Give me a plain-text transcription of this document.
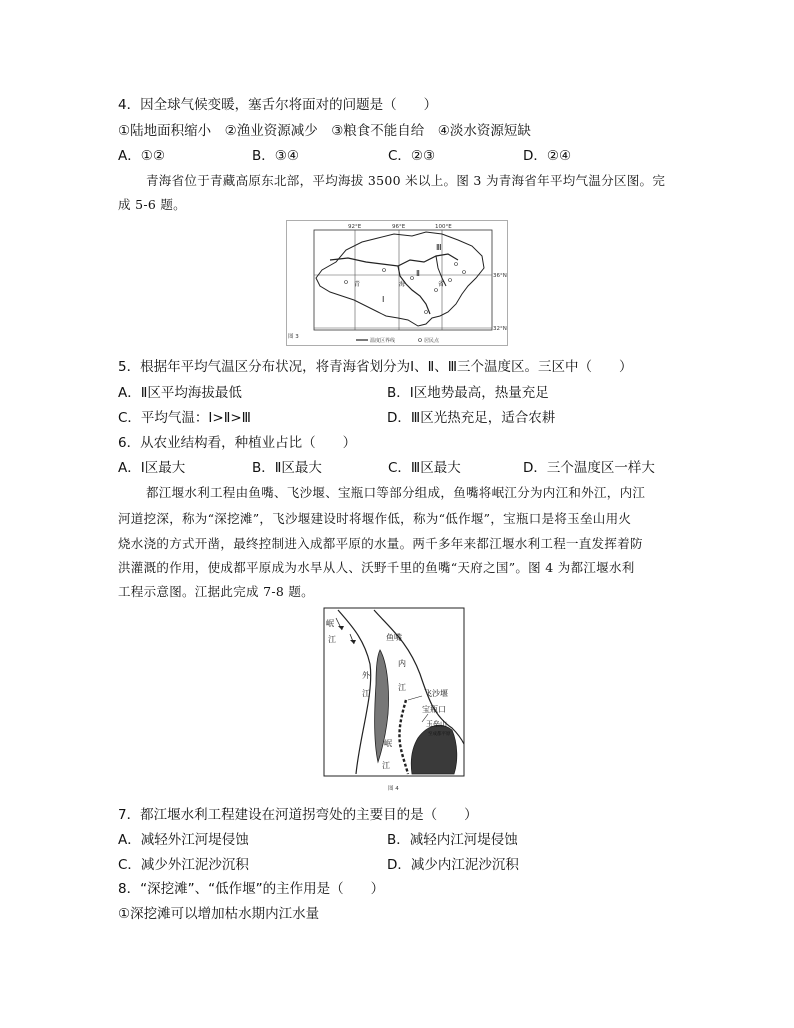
4．因全球气候变暖，塞舌尔将面对的问题是（　　）
①陆地面积缩小　②渔业资源减少　③粮食不能自给　④淡水资源短缺
A．①②	B．③④	C．②③	D．②④
青海省位于青藏高原东北部，平均海拔 3500 米以上。图 3 为青海省年平均气温分区图。完
成 5-6 题。
92°E	96°E	100°E
36°N
32°N
Ⅰ
Ⅱ
Ⅲ
青	海	省
图 3
温度区界线	居民点
5．根据年平均气温区分布状况，将青海省划分为Ⅰ、Ⅱ、Ⅲ三个温度区。三区中（　　）
A．Ⅱ区平均海拔最低	B．Ⅰ区地势最高，热量充足
C．平均气温：Ⅰ>Ⅱ>Ⅲ	D．Ⅲ区光热充足，适合农耕
6．从农业结构看，种植业占比（　　）
A．Ⅰ区最大	B．Ⅱ区最大	C．Ⅲ区最大	D．三个温度区一样大
都江堰水利工程由鱼嘴、飞沙堰、宝瓶口等部分组成，鱼嘴将岷江分为内江和外江，内江
河道挖深，称为“深挖滩”，飞沙堰建设时将堰作低，称为“低作堰”，宝瓶口是将玉垒山用火
烧水浇的方式开凿，最终控制进入成都平原的水量。两千多年来都江堰水利工程一直发挥着防
洪灌溉的作用，使成都平原成为水旱从人、沃野千里的鱼嘴“天府之国”。图 4 为都江堰水利
工程示意图。江据此完成 7-8 题。
岷
江
外
江
内
江
鱼嘴
飞沙堰
宝瓶口
玉垒山
至成都平原
岷
江
图 4
7．都江堰水利工程建设在河道拐弯处的主要目的是（　　）
A．减轻外江河堤侵蚀	B．减轻内江河堤侵蚀
C．减少外江泥沙沉积	D．减少内江泥沙沉积
8．“深挖滩”、“低作堰”的主作用是（　　）
①深挖滩可以增加枯水期内江水量
